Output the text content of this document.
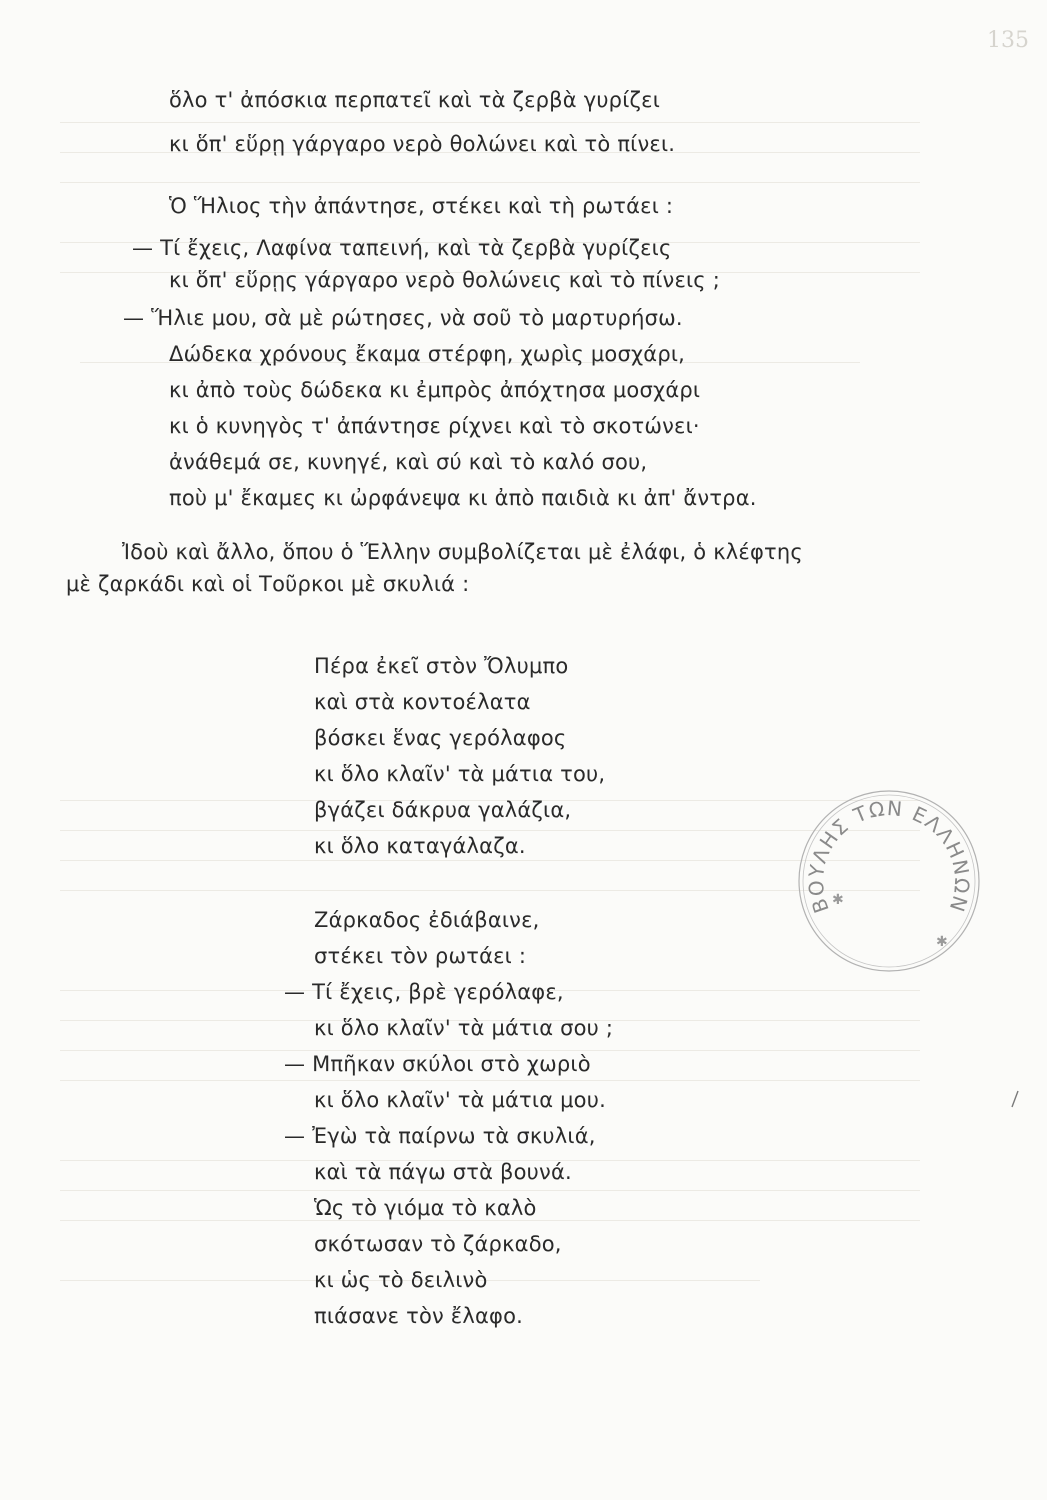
135
ὅλο τ' ἀπόσκια περπατεῖ καὶ τὰ ζερβὰ γυρίζει
κι ὅπ' εὕρῃ γάργαρο νερὸ θολώνει καὶ τὸ πίνει.
Ὁ Ἥλιος τὴν ἀπάντησε, στέκει καὶ τὴ ρωτάει :
— Τί ἔχεις, Λαφίνα ταπεινή, καὶ τὰ ζερβὰ γυρίζεις
κι ὅπ' εὕρῃς γάργαρο νερὸ θολώνεις καὶ τὸ πίνεις ;
— Ἥλιε μου, σὰ μὲ ρώτησες, νὰ σοῦ τὸ μαρτυρήσω.
Δώδεκα χρόνους ἔκαμα στέρφη, χωρὶς μοσχάρι,
κι ἀπὸ τοὺς δώδεκα κι ἐμπρὸς ἀπόχτησα μοσχάρι
κι ὁ κυνηγὸς τ' ἀπάντησε ρίχνει καὶ τὸ σκοτώνει·
ἀνάθεμά σε, κυνηγέ, καὶ σύ καὶ τὸ καλό σου,
ποὺ μ' ἔκαμες κι ὠρφάνεψα κι ἀπὸ παιδιὰ κι ἀπ' ἄντρα.
Ἰδοὺ καὶ ἄλλο, ὅπου ὁ Ἕλλην συμβολίζεται μὲ ἐλάφι, ὁ κλέφτης
μὲ ζαρκάδι καὶ οἱ Τοῦρκοι μὲ σκυλιά :
Πέρα ἐκεῖ στὸν Ὄλυμπο
καὶ στὰ κοντοέλατα
βόσκει ἕνας γερόλαφος
κι ὅλο κλαῖν' τὰ μάτια του,
βγάζει δάκρυα γαλάζια,
κι ὅλο καταγάλαζα.
Ζάρκαδος ἐδιάβαινε,
στέκει τὸν ρωτάει :
— Τί ἔχεις, βρὲ γερόλαφε,
κι ὅλο κλαῖν' τὰ μάτια σου ;
— Μπῆκαν σκύλοι στὸ χωριὸ
κι ὅλο κλαῖν' τὰ μάτια μου.
— Ἐγὼ τὰ παίρνω τὰ σκυλιά,
καὶ τὰ πάγω στὰ βουνά.
Ὡς τὸ γιόμα τὸ καλὸ
σκότωσαν τὸ ζάρκαδο,
κι ὡς τὸ δειλινὸ
πιάσανε τὸν ἔλαφο.
ΒΟΥΛΗΣ ΤΩΝ ΕΛΛΗΝΩΝ
✱
✱
